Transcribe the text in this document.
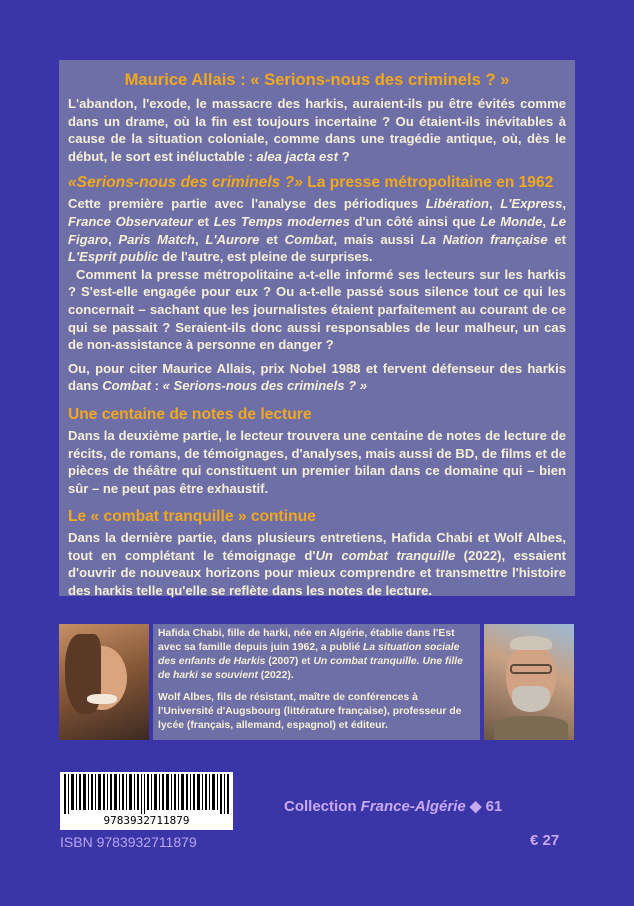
Maurice Allais : « Serions-nous des criminels ? »

L'abandon, l'exode, le massacre des harkis, auraient-ils pu être évités comme dans un drame, où la fin est toujours incertaine ? Ou étaient-ils inévitables à cause de la situation coloniale, comme dans une tragédie antique, où, dès le début, le sort est inéluctable : alea jacta est ?

«Serions-nous des criminels ?» La presse métropolitaine en 1962

Cette première partie avec l'analyse des périodiques Libération, L'Express, France Observateur et Les Temps modernes d'un côté ainsi que Le Monde, Le Figaro, Paris Match, L'Aurore et Combat, mais aussi La Nation française et L'Esprit public de l'autre, est pleine de surprises.

Comment la presse métropolitaine a-t-elle informé ses lecteurs sur les harkis ? S'est-elle engagée pour eux ? Ou a-t-elle passé sous silence tout ce qui les concernait – sachant que les journalistes étaient parfaitement au courant de ce qui se passait ? Seraient-ils donc aussi responsables de leur malheur, un cas de non-assistance à personne en danger ?

Ou, pour citer Maurice Allais, prix Nobel 1988 et fervent défenseur des harkis dans Combat : « Serions-nous des criminels ? »

Une centaine de notes de lecture

Dans la deuxième partie, le lecteur trouvera une centaine de notes de lecture de récits, de romans, de témoignages, d'analyses, mais aussi de BD, de films et de pièces de théâtre qui constituent un premier bilan dans ce domaine qui – bien sûr – ne peut pas être exhaustif.

Le « combat tranquille » continue

Dans la dernière partie, dans plusieurs entretiens, Hafida Chabi et Wolf Albes, tout en complétant le témoignage d'Un combat tranquille (2022), essaient d'ouvrir de nouveaux horizons pour mieux comprendre et transmettre l'histoire des harkis telle qu'elle se reflète dans les notes de lecture.

Hafida Chabi, fille de harki, née en Algérie, établie dans l'Est avec sa famille depuis juin 1962, a publié La situation sociale des enfants de Harkis (2007) et Un combat tranquille. Une fille de harki se souvient (2022).

Wolf Albes, fils de résistant, maître de conférences à l'Université d'Augsbourg (littérature française), professeur de lycée (français, allemand, espagnol) et éditeur.

9783932711879
ISBN 9783932711879
Collection France-Algérie ◆ 61
€ 27
